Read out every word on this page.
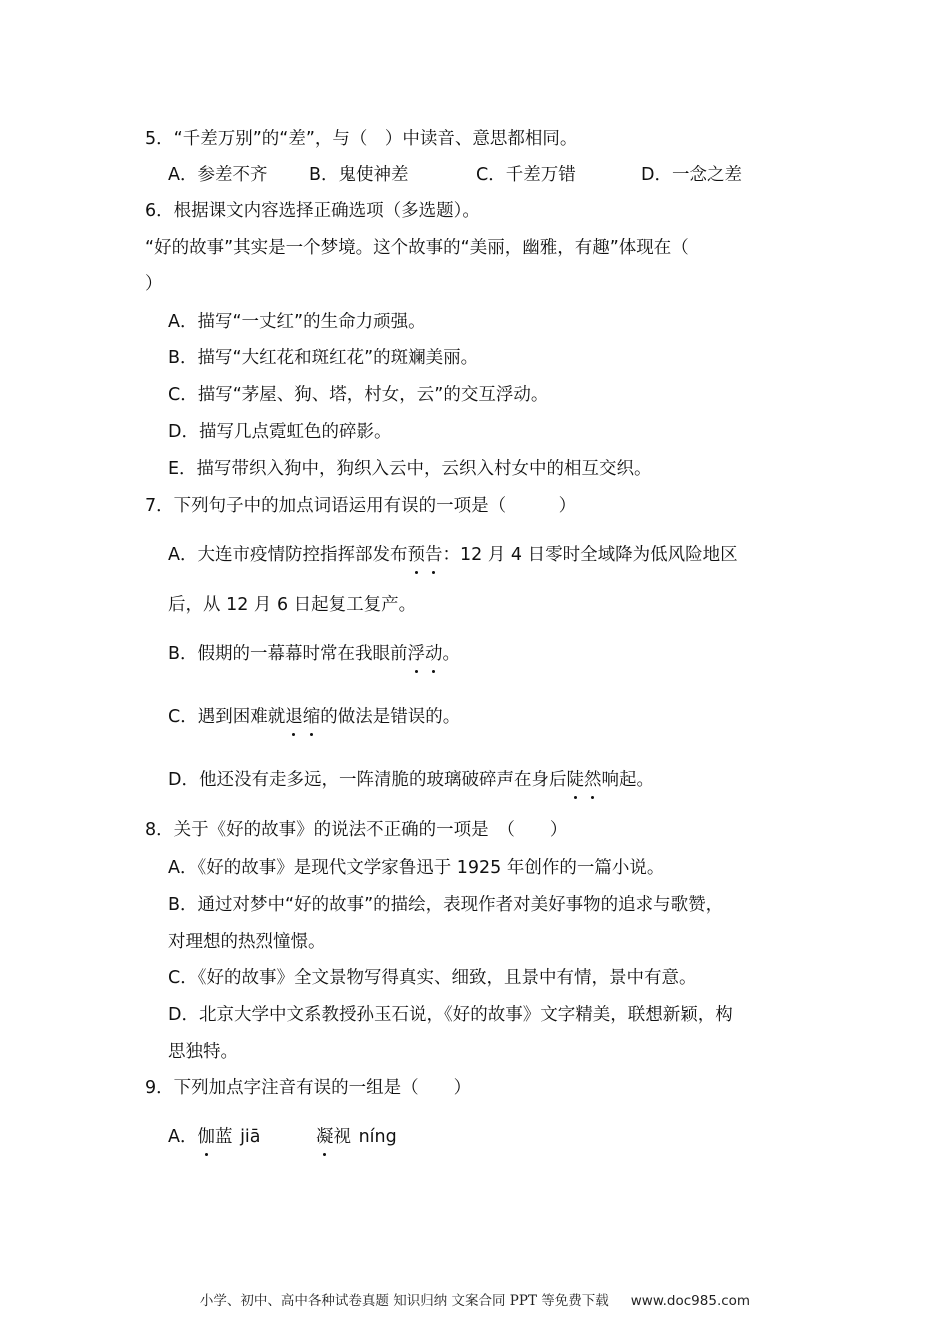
5．“千差万别”的“差”，与（　）中读音、意思都相同。
A．参差不齐 B．鬼使神差	C．千差万错	D．一念之差
6．根据课文内容选择正确选项（多选题）。
“好的故事”其实是一个梦境。这个故事的“美丽，幽雅，有趣”体现在（
）
A．描写“一丈红”的生命力顽强。
B．描写“大红花和斑红花”的斑斓美丽。
C．描写“茅屋、狗、塔，村女，云”的交互浮动。
D．描写几点霓虹色的碎影。
E．描写带织入狗中，狗织入云中，云织入村女中的相互交织。
7．下列句子中的加点词语运用有误的一项是（　　　）
A．大连市疫情防控指挥部发布预告：12 月 4 日零时全域降为低风险地区
后，从 12 月 6 日起复工复产。
B．假期的一幕幕时常在我眼前浮动。
C．遇到困难就退缩的做法是错误的。
D．他还没有走多远，一阵清脆的玻璃破碎声在身后陡然响起。
8．关于《好的故事》的说法不正确的一项是　（　　）
A．《好的故事》是现代文学家鲁迅于 1925 年创作的一篇小说。
B．通过对梦中“好的故事”的描绘，表现作者对美好事物的追求与歌赞，
对理想的热烈憧憬。
C．《好的故事》全文景物写得真实、细致，且景中有情，景中有意。
D．北京大学中文系教授孙玉石说，《好的故事》文字精美，联想新颖，构
思独特。
9．下列加点字注音有误的一组是（　　）
A．伽蓝 jiā	凝视 níng
小学、初中、高中各种试卷真题 知识归纳 文案合同 PPT 等免费下载 www.doc985.com
